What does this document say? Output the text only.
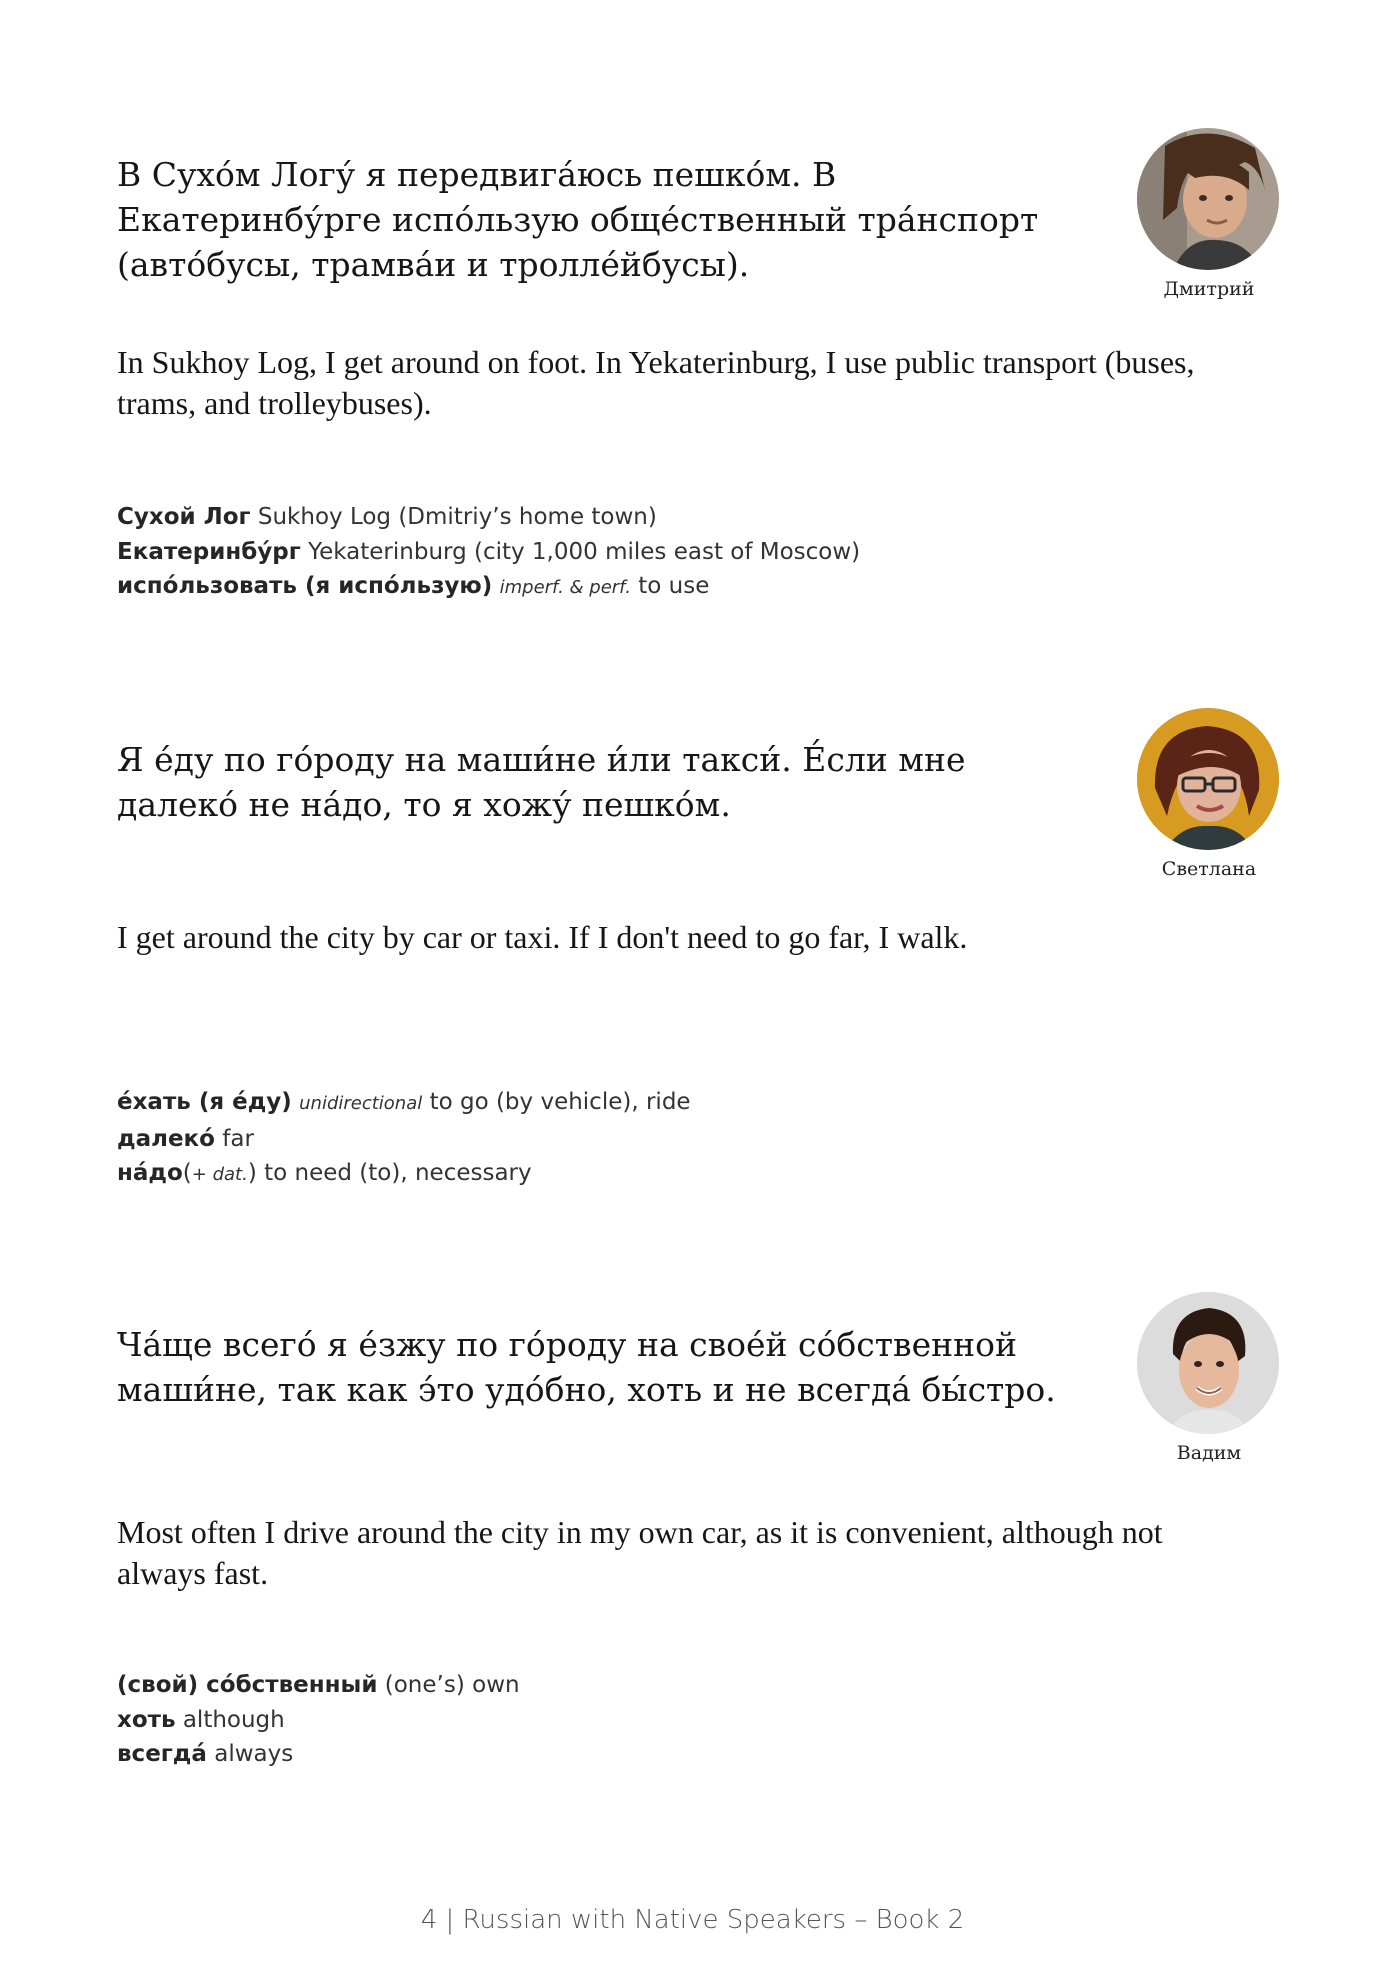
В Сухо́м Логу́ я передвига́юсь пешко́м. В Екатеринбу́рге испо́льзую обще́ственный тра́нспорт (авто́бусы, трамва́и и тролле́йбусы).

In Sukhoy Log, I get around on foot. In Yekaterinburg, I use public transport (buses, trams, and trolleybuses).

Сухой Лог Sukhoy Log (Dmitriy’s home town)
Екатеринбу́рг Yekaterinburg (city 1,000 miles east of Moscow)
испо́льзовать (я испо́льзую) imperf. & perf. to use
Дмитрий

Я е́ду по го́роду на маши́не и́ли такси́. Е́сли мне далеко́ не на́до, то я хожу́ пешко́м.

I get around the city by car or taxi. If I don't need to go far, I walk.

е́хать (я е́ду) unidirectional to go (by vehicle), ride
далеко́ far
на́до(+ dat.) to need (to), necessary
Светлана

Ча́ще всего́ я е́зжу по го́роду на свое́й со́бственной маши́не, так как э́то удо́бно, хоть и не всегда́ бы́стро.

Most often I drive around the city in my own car, as it is convenient, although not always fast.

(свой) со́бственный (one’s) own
хоть although
всегда́ always
Вадим
4 | Russian with Native Speakers – Book 2
